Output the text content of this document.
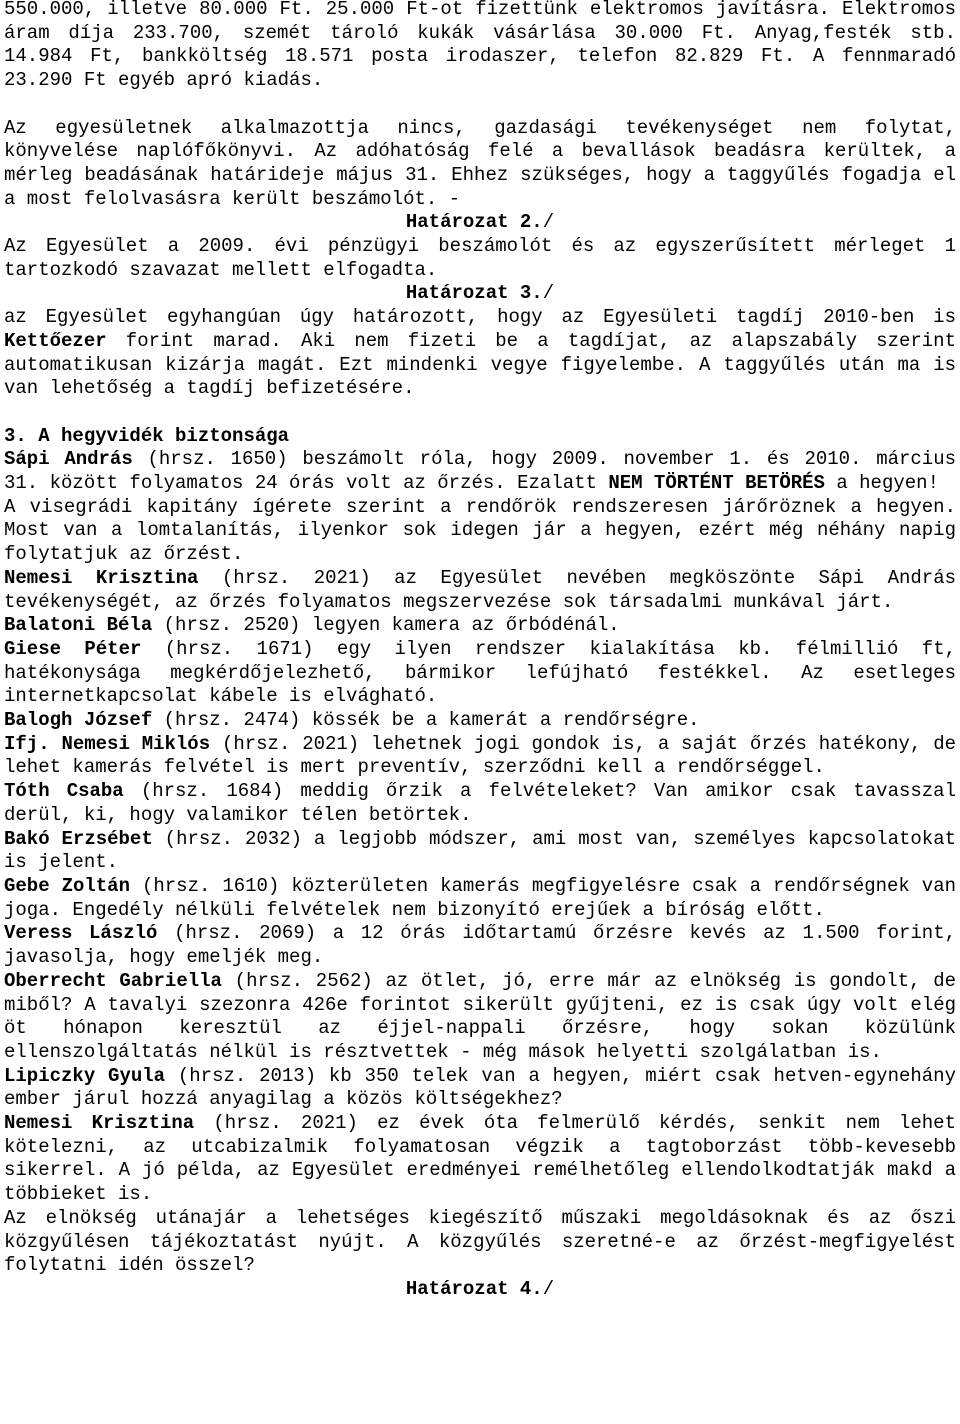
550.000, illetve 80.000 Ft. 25.000 Ft-ot fizettünk elektromos javításra. Elektromos áram díja 233.700, szemét tároló kukák vásárlása 30.000 Ft. Anyag,festék stb. 14.984 Ft, bankköltség 18.571 posta irodaszer, telefon 82.829 Ft. A fennmaradó 23.290 Ft egyéb apró kiadás.

Az egyesületnek alkalmazottja nincs, gazdasági tevékenységet nem folytat, könyvelése naplófőkönyvi. Az adóhatóság felé a bevallások beadásra kerültek, a mérleg beadásának határideje május 31. Ehhez szükséges, hogy a taggyűlés fogadja el a most felolvasásra került beszámolót. -

Határozat 2./

Az Egyesület a 2009. évi pénzügyi beszámolót és az egyszerűsített mérleget 1 tartozkodó szavazat mellett elfogadta.

Határozat 3./

az Egyesület egyhangúan úgy határozott, hogy az Egyesületi tagdíj 2010-ben is Kettőezer forint marad. Aki nem fizeti be a tagdíjat, az alapszabály szerint automatikusan kizárja magát. Ezt mindenki vegye figyelembe. A taggyűlés után ma is van lehetőség a tagdíj befizetésére.

3. A hegyvidék biztonsága

Sápi András (hrsz. 1650) beszámolt róla, hogy 2009. november 1. és 2010. március 31. között folyamatos 24 órás volt az őrzés. Ezalatt NEM TÖRTÉNT BETÖRÉS a hegyen!

A visegrádi kapitány ígérete szerint a rendőrök rendszeresen járőröznek a hegyen. Most van a lomtalanítás, ilyenkor sok idegen jár a hegyen, ezért még néhány napig folytatjuk az őrzést.

Nemesi Krisztina (hrsz. 2021) az Egyesület nevében megköszönte Sápi András tevékenységét, az őrzés folyamatos megszervezése sok társadalmi munkával járt.

Balatoni Béla (hrsz. 2520) legyen kamera az őrbódénál.

Giese Péter (hrsz. 1671) egy ilyen rendszer kialakítása kb. félmillió ft, hatékonysága megkérdőjelezhető, bármikor lefújható festékkel. Az esetleges internetkapcsolat kábele is elvágható.

Balogh József (hrsz. 2474) kössék be a kamerát a rendőrségre.

Ifj. Nemesi Miklós (hrsz. 2021) lehetnek jogi gondok is, a saját őrzés hatékony, de lehet kamerás felvétel is mert preventív, szerződni kell a rendőrséggel.

Tóth Csaba (hrsz. 1684) meddig őrzik a felvételeket? Van amikor csak tavasszal derül, ki, hogy valamikor télen betörtek.

Bakó Erzsébet (hrsz. 2032) a legjobb módszer, ami most van, személyes kapcsolatokat is jelent.

Gebe Zoltán (hrsz. 1610) közterületen kamerás megfigyelésre csak a rendőrségnek van joga. Engedély nélküli felvételek nem bizonyító erejűek a bíróság előtt.

Veress László (hrsz. 2069) a 12 órás időtartamú őrzésre kevés az 1.500 forint, javasolja, hogy emeljék meg.

Oberrecht Gabriella (hrsz. 2562) az ötlet, jó, erre már az elnökség is gondolt, de miből? A tavalyi szezonra 426e forintot sikerült gyűjteni, ez is csak úgy volt elég öt hónapon keresztül az éjjel-nappali őrzésre, hogy sokan közülünk ellenszolgáltatás nélkül is résztvettek - még mások helyetti szolgálatban is.

Lipiczky Gyula (hrsz. 2013) kb 350 telek van a hegyen, miért csak hetven-egynehány ember járul hozzá anyagilag a közös költségekhez?

Nemesi Krisztina (hrsz. 2021) ez évek óta felmerülő kérdés, senkit nem lehet kötelezni, az utcabizalmik folyamatosan végzik a tagtoborzást több-kevesebb sikerrel. A jó példa, az Egyesület eredményei remélhetőleg ellendolkodtatják makd a többieket is.

Az elnökség utánajár a lehetséges kiegészítő műszaki megoldásoknak és az őszi közgyűlésen tájékoztatást nyújt. A közgyűlés szeretné-e az őrzést-megfigyelést folytatni idén összel?

Határozat 4./
